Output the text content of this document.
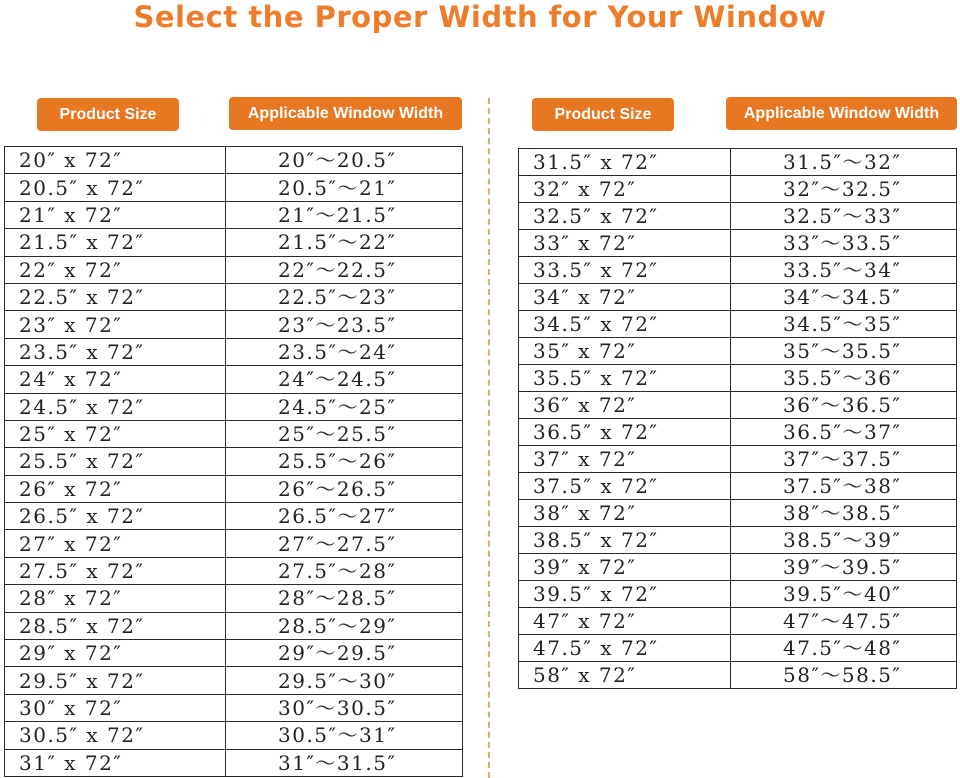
Select the Proper Width for Your Window
Product Size	Applicable Window Width	Product Size	Applicable Window Width
20″ x 72″	20″～20.5″
20.5″ x 72″	20.5″～21″
21″ x 72″	21″～21.5″
21.5″ x 72″	21.5″～22″
22″ x 72″	22″～22.5″
22.5″ x 72″	22.5″～23″
23″ x 72″	23″～23.5″
23.5″ x 72″	23.5″～24″
24″ x 72″	24″～24.5″
24.5″ x 72″	24.5″～25″
25″ x 72″	25″～25.5″
25.5″ x 72″	25.5″～26″
26″ x 72″	26″～26.5″
26.5″ x 72″	26.5″～27″
27″ x 72″	27″～27.5″
27.5″ x 72″	27.5″～28″
28″ x 72″	28″～28.5″
28.5″ x 72″	28.5″～29″
29″ x 72″	29″～29.5″
29.5″ x 72″	29.5″～30″
30″ x 72″	30″～30.5″
30.5″ x 72″	30.5″～31″
31″ x 72″	31″～31.5″
31.5″ x 72″	31.5″～32″
32″ x 72″	32″～32.5″
32.5″ x 72″	32.5″～33″
33″ x 72″	33″～33.5″
33.5″ x 72″	33.5″～34″
34″ x 72″	34″～34.5″
34.5″ x 72″	34.5″～35″
35″ x 72″	35″～35.5″
35.5″ x 72″	35.5″～36″
36″ x 72″	36″～36.5″
36.5″ x 72″	36.5″～37″
37″ x 72″	37″～37.5″
37.5″ x 72″	37.5″～38″
38″ x 72″	38″～38.5″
38.5″ x 72″	38.5″～39″
39″ x 72″	39″～39.5″
39.5″ x 72″	39.5″～40″
47″ x 72″	47″～47.5″
47.5″ x 72″	47.5″～48″
58″ x 72″	58″～58.5″
